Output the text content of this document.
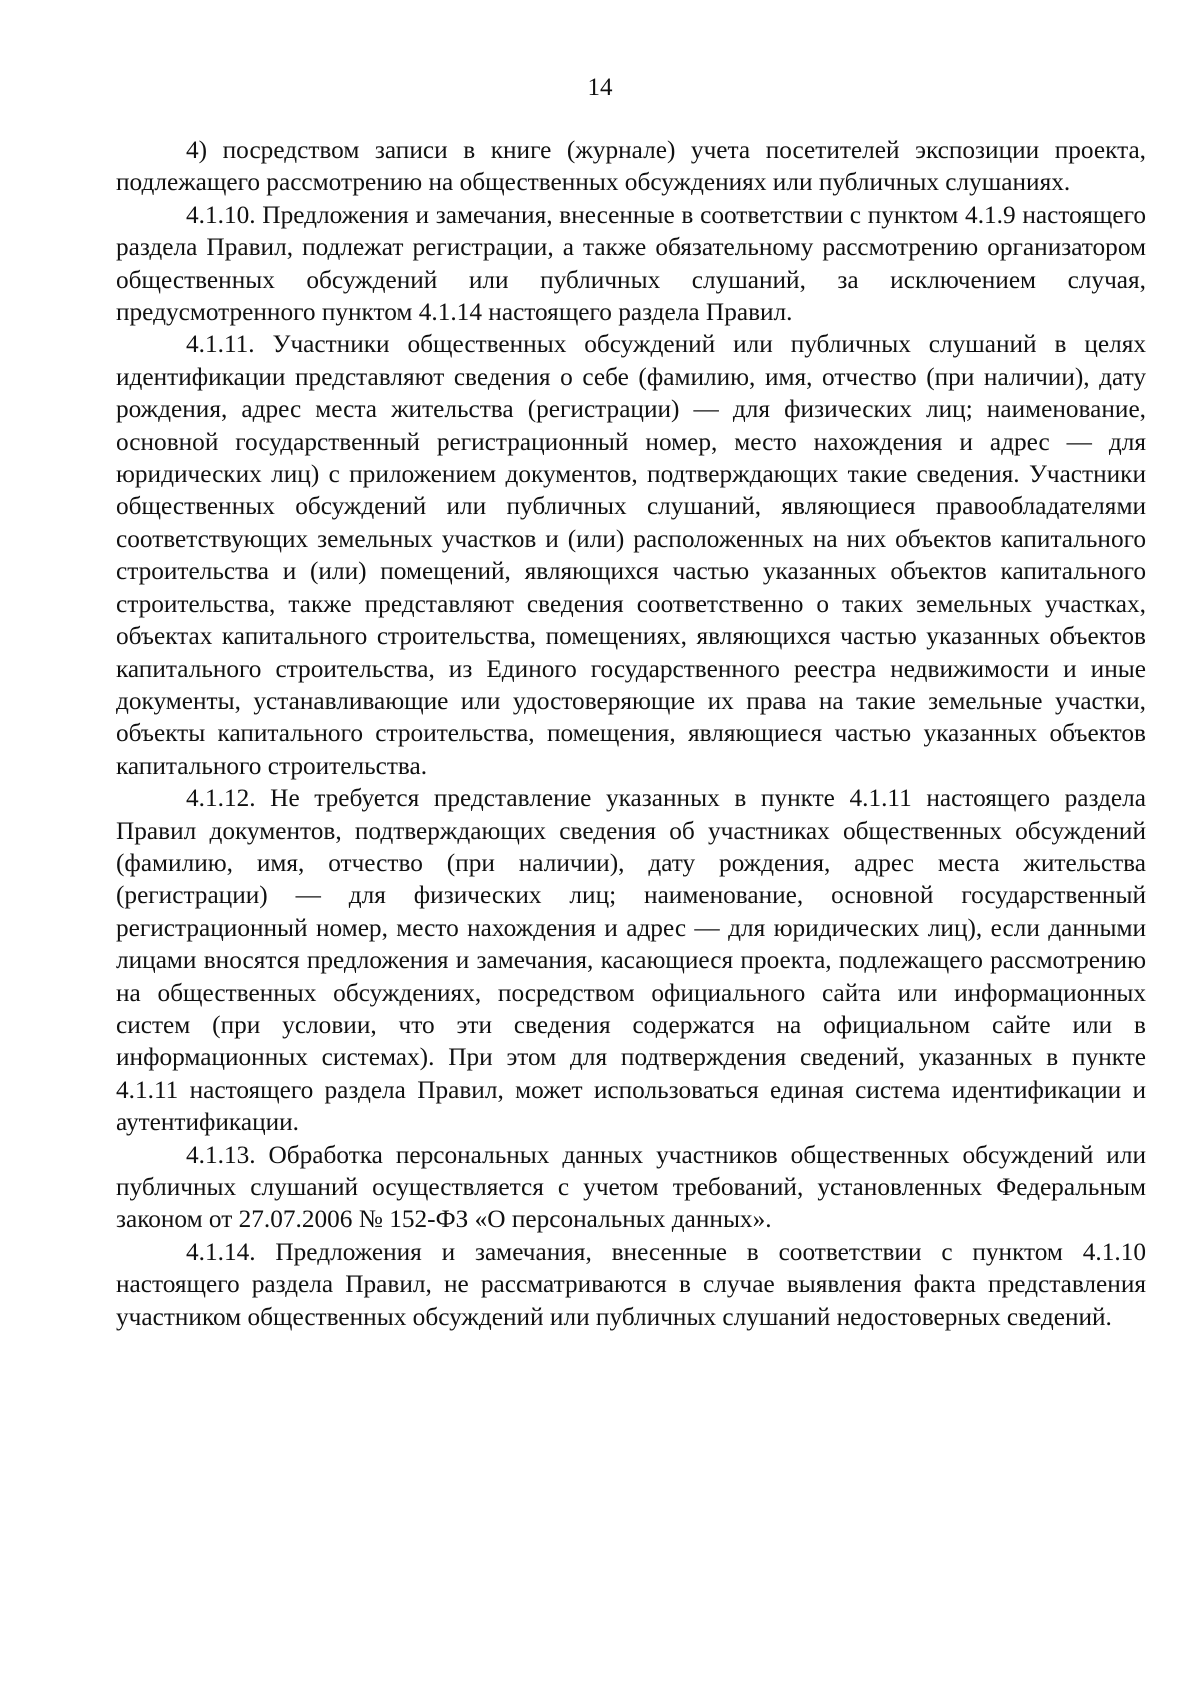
14

4) посредством записи в книге (журнале) учета посетителей экспозиции проекта, подлежащего рассмотрению на общественных обсуждениях или публичных слушаниях.

4.1.10. Предложения и замечания, внесенные в соответствии с пунктом 4.1.9 настоящего раздела Правил, подлежат регистрации, а также обязательному рассмотрению организатором общественных обсуждений или публичных слушаний, за исключением случая, предусмотренного пунктом 4.1.14 настоящего раздела Правил.

4.1.11. Участники общественных обсуждений или публичных слушаний в целях идентификации представляют сведения о себе (фамилию, имя, отчество (при наличии), дату рождения, адрес места жительства (регистрации) — для физических лиц; наименование, основной государственный регистрационный номер, место нахождения и адрес — для юридических лиц) с приложением документов, подтверждающих такие сведения. Участники общественных обсуждений или публичных слушаний, являющиеся правообладателями соответствующих земельных участков и (или) расположенных на них объектов капитального строительства и (или) помещений, являющихся частью указанных объектов капитального строительства, также представляют сведения соответственно о таких земельных участках, объектах капитального строительства, помещениях, являющихся частью указанных объектов капитального строительства, из Единого государственного реестра недвижимости и иные документы, устанавливающие или удостоверяющие их права на такие земельные участки, объекты капитального строительства, помещения, являющиеся частью указанных объектов капитального строительства.

4.1.12. Не требуется представление указанных в пункте 4.1.11 настоящего раздела Правил документов, подтверждающих сведения об участниках общественных обсуждений (фамилию, имя, отчество (при наличии), дату рождения, адрес места жительства (регистрации) — для физических лиц; наименование, основной государственный регистрационный номер, место нахождения и адрес — для юридических лиц), если данными лицами вносятся предложения и замечания, касающиеся проекта, подлежащего рассмотрению на общественных обсуждениях, посредством официального сайта или информационных систем (при условии, что эти сведения содержатся на официальном сайте или в информационных системах). При этом для подтверждения сведений, указанных в пункте 4.1.11 настоящего раздела Правил, может использоваться единая система идентификации и аутентификации.

4.1.13. Обработка персональных данных участников общественных обсуждений или публичных слушаний осуществляется с учетом требований, установленных Федеральным законом от 27.07.2006 № 152-ФЗ «О персональных данных».

4.1.14. Предложения и замечания, внесенные в соответствии с пунктом 4.1.10 настоящего раздела Правил, не рассматриваются в случае выявления факта представления участником общественных обсуждений или публичных слушаний недостоверных сведений.
